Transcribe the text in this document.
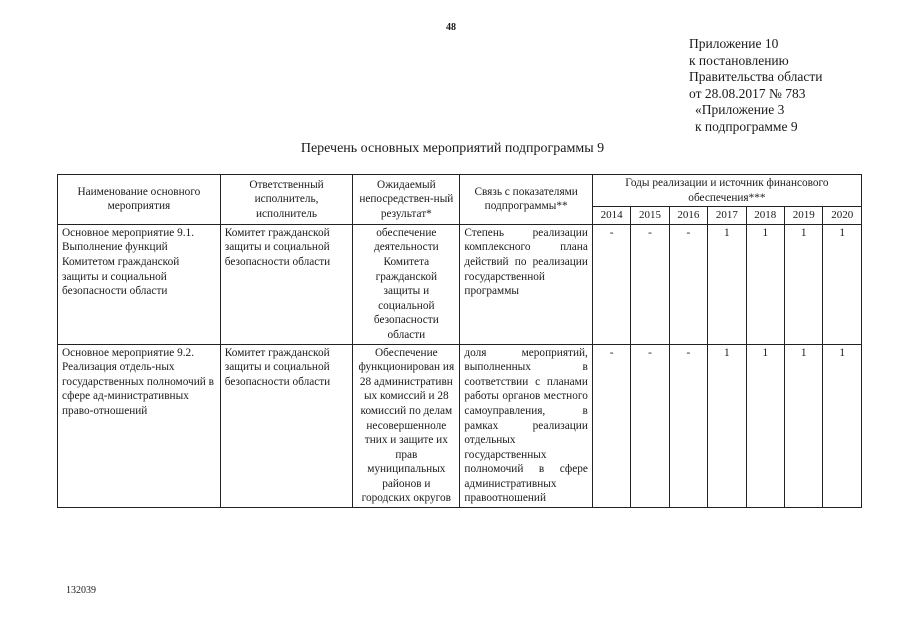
48
Приложение 10
к постановлению
Правительства области
от 28.08.2017 № 783
«Приложение 3
к подпрограмме 9
Перечень основных мероприятий подпрограммы 9
Наименование основного мероприятия	Ответственный исполнитель, исполнитель	Ожидаемый непосредствен-ный результат*	Связь с показателями подпрограммы**	Годы реализации и источник финансового обеспечения***						
				2014	2015	2016	2017	2018	2019	2020
Основное мероприятие 9.1. Выполнение функций Комитетом гражданской защиты и социальной безопасности области	Комитет гражданской защиты и социальной безопасности области	обеспечение деятельности Комитета гражданской защиты и социальной безопасности области	Степень реализации комплексного плана действий по реализации государственной программы	-	-	-	1	1	1	1
Основное мероприятие 9.2. Реализация отдель-ных государственных полномочий в сфере ад-министративных право-отношений	Комитет гражданской защиты и социальной безопасности области	Обеспечение функционирован ия 28 административн ых комиссий и 28 комиссий по делам несовершенноле тних и защите их прав муниципальных районов и городских округов	доля мероприятий, выполненных в соответствии с планами работы органов местного самоуправления, в рамках реализации отдельных государственных полномочий в сфере административных правоотношений	-	-	-	1	1	1	1
132039
